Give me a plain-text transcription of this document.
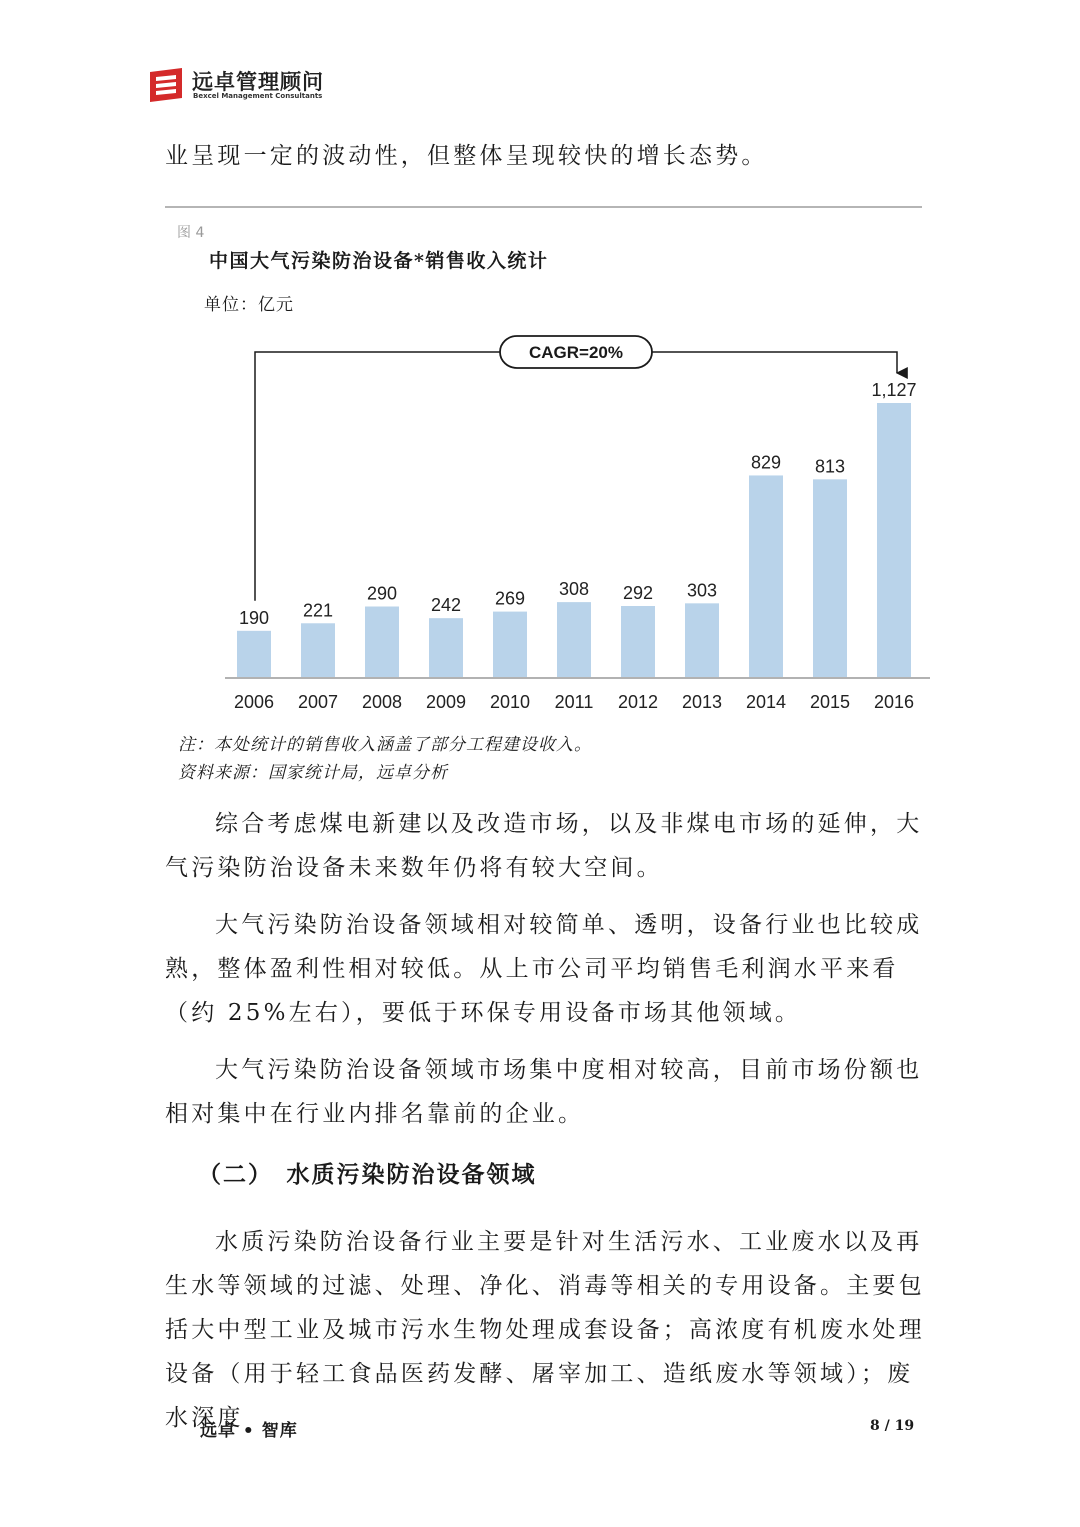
远卓管理顾问
Bexcel Management Consultants

业呈现一定的波动性，但整体呈现较快的增长态势。

图 4
中国大气污染防治设备*销售收入统计
单位：亿元
190 221
290
242 269 308 292 303
829 813
1,127
2006 2007 2008 2009 2010 2011 2012 2013 2014 2015 2016
CAGR=20%
注：本处统计的销售收入涵盖了部分工程建设收入。
资料来源：国家统计局，远卓分析

综合考虑煤电新建以及改造市场，以及非煤电市场的延伸，大气污染防治设备未来数年仍将有较大空间。

大气污染防治设备领域相对较简单、透明，设备行业也比较成熟，整体盈利性相对较低。从上市公司平均销售毛利润水平来看（约 25%左右），要低于环保专用设备市场其他领域。

大气污染防治设备领域市场集中度相对较高，目前市场份额也相对集中在行业内排名靠前的企业。

（二）　水质污染防治设备领域

水质污染防治设备行业主要是针对生活污水、工业废水以及再生水等领域的过滤、处理、净化、消毒等相关的专用设备。主要包括大中型工业及城市污水生物处理成套设备；高浓度有机废水处理设备（用于轻工食品医药发酵、屠宰加工、造纸废水等领域）；废水深度

远卓 • 智库	8 / 19
